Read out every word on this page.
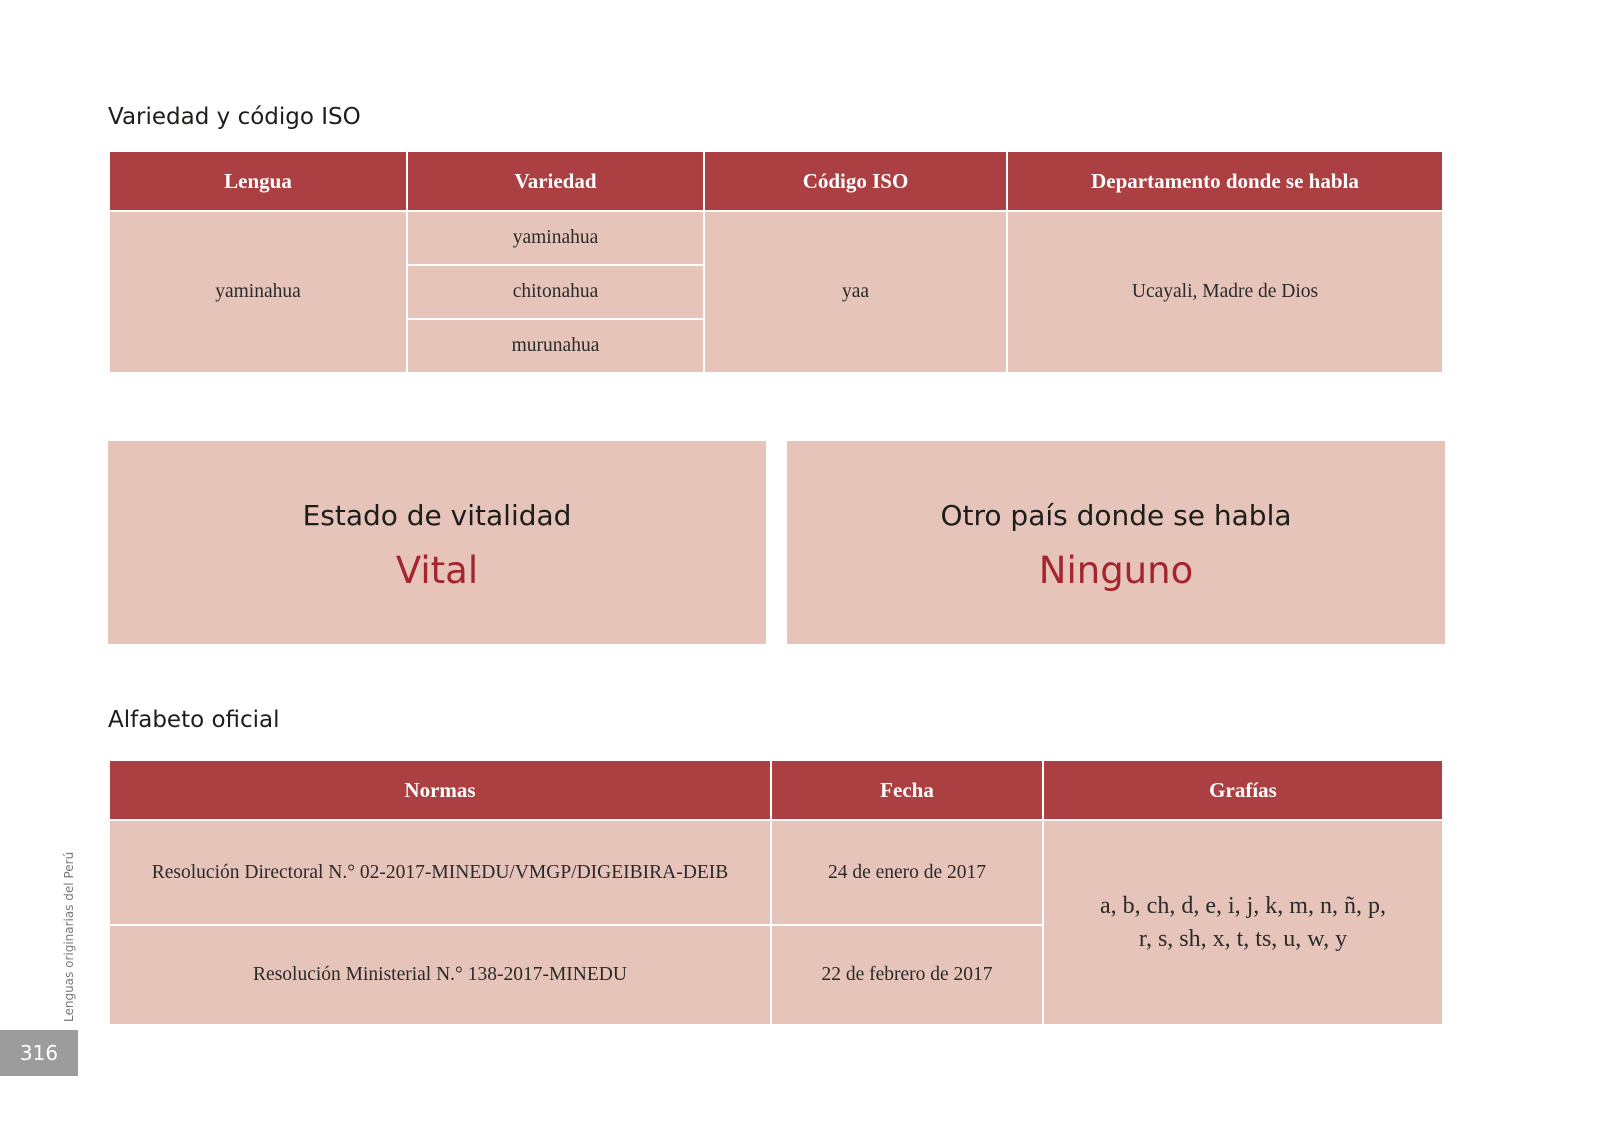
Variedad y código ISO
Lengua	Variedad	Código ISO	Departamento donde se habla
yaminahua	yaminahua	yaa	Ucayali, Madre de Dios
	chitonahua		
	murunahua		
Estado de vitalidad
Vital
Otro país donde se habla
Ninguno
Alfabeto oficial
Normas	Fecha	Grafías
Resolución Directoral N.° 02-2017-MINEDU/VMGP/DIGEIBIRA-DEIB	24 de enero de 2017	a, b, ch, d, e, i, j, k, m, n, ñ, p,
r, s, sh, x, t, ts, u, w, y

Resolución Ministerial N.° 138-2017-MINEDU	22 de febrero de 2017	
Lenguas originarias del Perú
316
